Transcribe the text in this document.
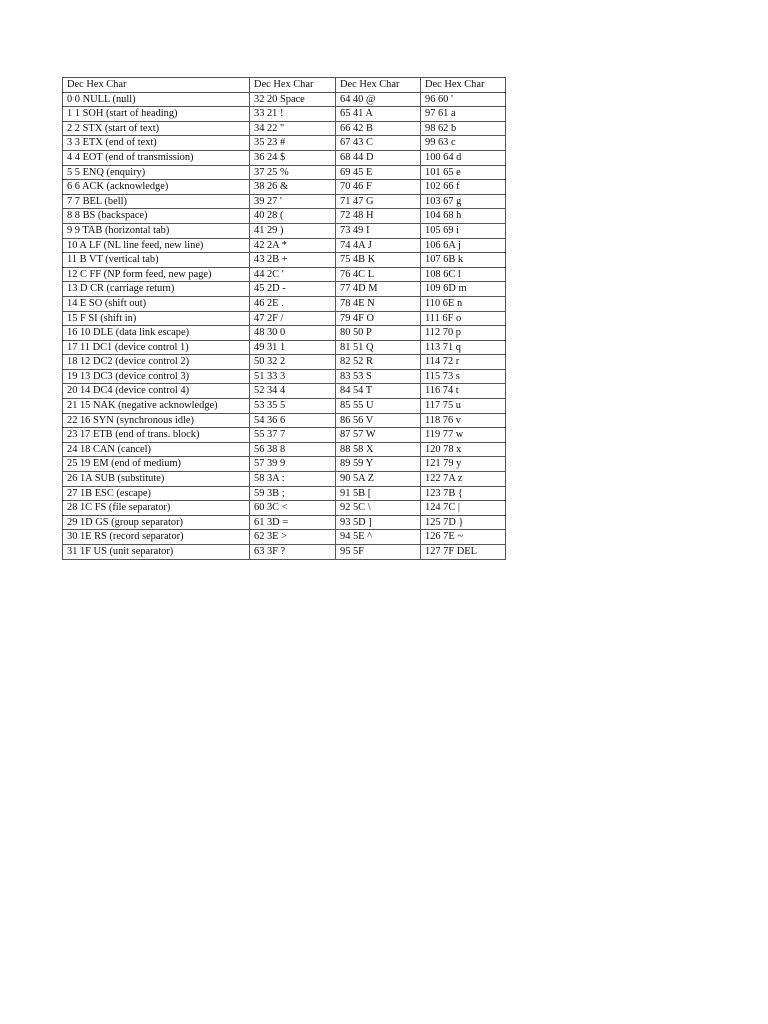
Dec Hex Char	Dec Hex Char	Dec Hex Char	Dec Hex Char
0 0 NULL (null)	32 20 Space	64 40 @	96 60 '
1 1 SOH (start of heading)	33 21 !	65 41 A	97 61 a
2 2 STX (start of text)	34 22 "	66 42 B	98 62 b
3 3 ETX (end of text)	35 23 #	67 43 C	99 63 c
4 4 EOT (end of transmission)	36 24 $	68 44 D	100 64 d
5 5 ENQ (enquiry)	37 25 %	69 45 E	101 65 e
6 6 ACK (acknowledge)	38 26 &	70 46 F	102 66 f
7 7 BEL (bell)	39 27 '	71 47 G	103 67 g
8 8 BS (backspace)	40 28 (	72 48 H	104 68 h
9 9 TAB (horizontal tab)	41 29 )	73 49 I	105 69 i
10 A LF (NL line feed, new line)	42 2A *	74 4A J	106 6A j
11 B VT (vertical tab)	43 2B +	75 4B K	107 6B k
12 C FF (NP form feed, new page)	44 2C '	76 4C L	108 6C l
13 D CR (carriage return)	45 2D -	77 4D M	109 6D m
14 E SO (shift out)	46 2E .	78 4E N	110 6E n
15 F SI (shift in)	47 2F /	79 4F O	111 6F o
16 10 DLE (data link escape)	48 30 0	80 50 P	112 70 p
17 11 DC1 (device control 1)	49 31 1	81 51 Q	113 71 q
18 12 DC2 (device control 2)	50 32 2	82 52 R	114 72 r
19 13 DC3 (device control 3)	51 33 3	83 53 S	115 73 s
20 14 DC4 (device control 4)	52 34 4	84 54 T	116 74 t
21 15 NAK (negative acknowledge)	53 35 5	85 55 U	117 75 u
22 16 SYN (synchronous idle)	54 36 6	86 56 V	118 76 v
23 17 ETB (end of trans. block)	55 37 7	87 57 W	119 77 w
24 18 CAN (cancel)	56 38 8	88 58 X	120 78 x
25 19 EM (end of medium)	57 39 9	89 59 Y	121 79 y
26 1A SUB (substitute)	58 3A :	90 5A Z	122 7A z
27 1B ESC (escape)	59 3B ;	91 5B [	123 7B {
28 1C FS (file separator)	60 3C <	92 5C \	124 7C |
29 1D GS (group separator)	61 3D =	93 5D ]	125 7D }
30 1E RS (record separator)	62 3E >	94 5E ^	126 7E ~
31 1F US (unit separator)	63 3F ?	95 5F	127 7F DEL
